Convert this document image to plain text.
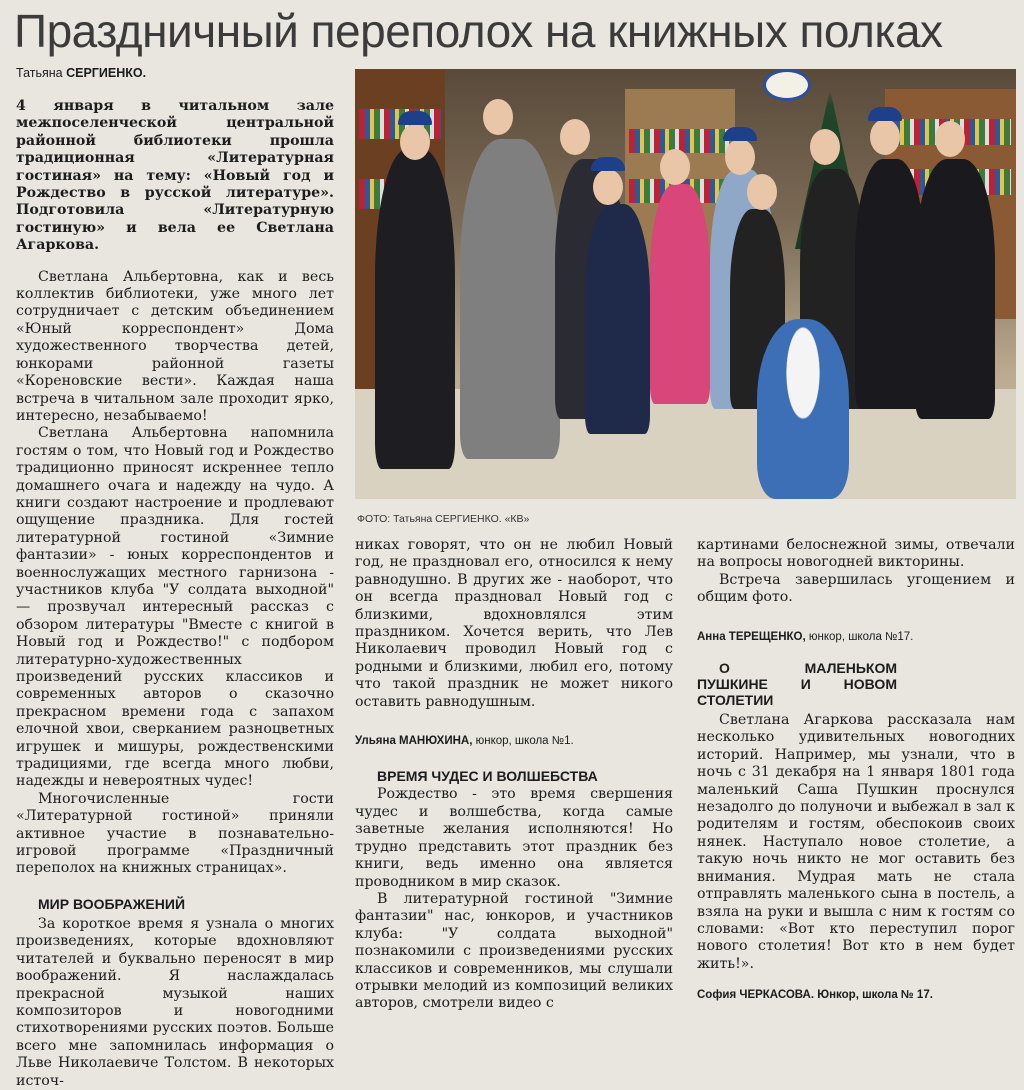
Праздничный переполох на книжных полках
Татьяна СЕРГИЕНКО.

4 января в читальном зале межпоселенческой центральной районной библиотеки прошла традиционная «Литературная гостиная» на тему: «Новый год и Рождество в русской литературе». Подготовила «Литературную гостиную» и вела ее Светлана Агаркова.

Светлана Альбертовна, как и весь коллектив библиотеки, уже много лет сотрудничает с детским объединением «Юный корреспондент» Дома художественного творчества детей, юнкорами районной газеты «Кореновские вести». Каждая наша встреча в читальном зале проходит ярко, интересно, незабываемо!

Светлана Альбертовна напомнила гостям о том, что Новый год и Рождество традиционно приносят искреннее тепло домашнего очага и надежду на чудо. А книги создают настроение и продлевают ощущение праздника. Для гостей литературной гостиной «Зимние фантазии» - юных корреспондентов и военнослужащих местного гарнизона - участников клуба "У солдата выходной" — прозвучал интересный рассказ с обзором литературы "Вместе с книгой в Новый год и Рождество!" с подбором литературно-художественных произведений русских классиков и современных авторов о сказочно прекрасном времени года с запахом елочной хвои, сверканием разноцветных игрушек и мишуры, рождественскими традициями, где всегда много любви, надежды и невероятных чудес!

Многочисленные гости «Литературной гостиной» приняли активное участие в познавательно-игровой программе «Праздничный переполох на книжных страницах».

МИР ВООБРАЖЕНИЙ

За короткое время я узнала о многих произведениях, которые вдохновляют читателей и буквально переносят в мир воображений. Я наслаждалась прекрасной музыкой наших композиторов и новогодними стихотворениями русских поэтов. Больше всего мне запомнилась информация о Льве Николаевиче Толстом. В некоторых источ-

ФОТО: Татьяна СЕРГИЕНКО. «КВ»

никах говорят, что он не любил Новый год, не праздновал его, относился к нему равнодушно. В других же - наоборот, что он всегда праздновал Новый год с близкими, вдохновлялся этим праздником. Хочется верить, что Лев Николаевич проводил Новый год с родными и близкими, любил его, потому что такой праздник не может никого оставить равнодушным.

Ульяна МАНЮХИНА, юнкор, школа №1.

ВРЕМЯ ЧУДЕС И ВОЛШЕБСТВА

Рождество - это время свершения чудес и волшебства, когда самые заветные желания исполняются! Но трудно представить этот праздник без книги, ведь именно она является проводником в мир сказок.

В литературной гостиной "Зимние фантазии" нас, юнкоров, и участников клуба: "У солдата выходной" познакомили с произведениями русских классиков и современников, мы слушали отрывки мелодий из композиций великих авторов, смотрели видео с

картинами белоснежной зимы, отвечали на вопросы новогодней викторины.

Встреча завершилась угощением и общим фото.

Анна ТЕРЕЩЕНКО, юнкор, школа №17.

О МАЛЕНЬКОМ ПУШКИНЕ И НОВОМ СТОЛЕТИИ

Светлана Агаркова рассказала нам несколько удивительных новогодних историй. Например, мы узнали, что в ночь с 31 декабря на 1 января 1801 года маленький Саша Пушкин проснулся незадолго до полуночи и выбежал в зал к родителям и гостям, обеспокоив своих нянек. Наступало новое столетие, а такую ночь никто не мог оставить без внимания. Мудрая мать не стала отправлять маленького сына в постель, а взяла на руки и вышла с ним к гостям со словами: «Вот кто переступил порог нового столетия! Вот кто в нем будет жить!».

София ЧЕРКАСОВА. Юнкор, школа № 17.
